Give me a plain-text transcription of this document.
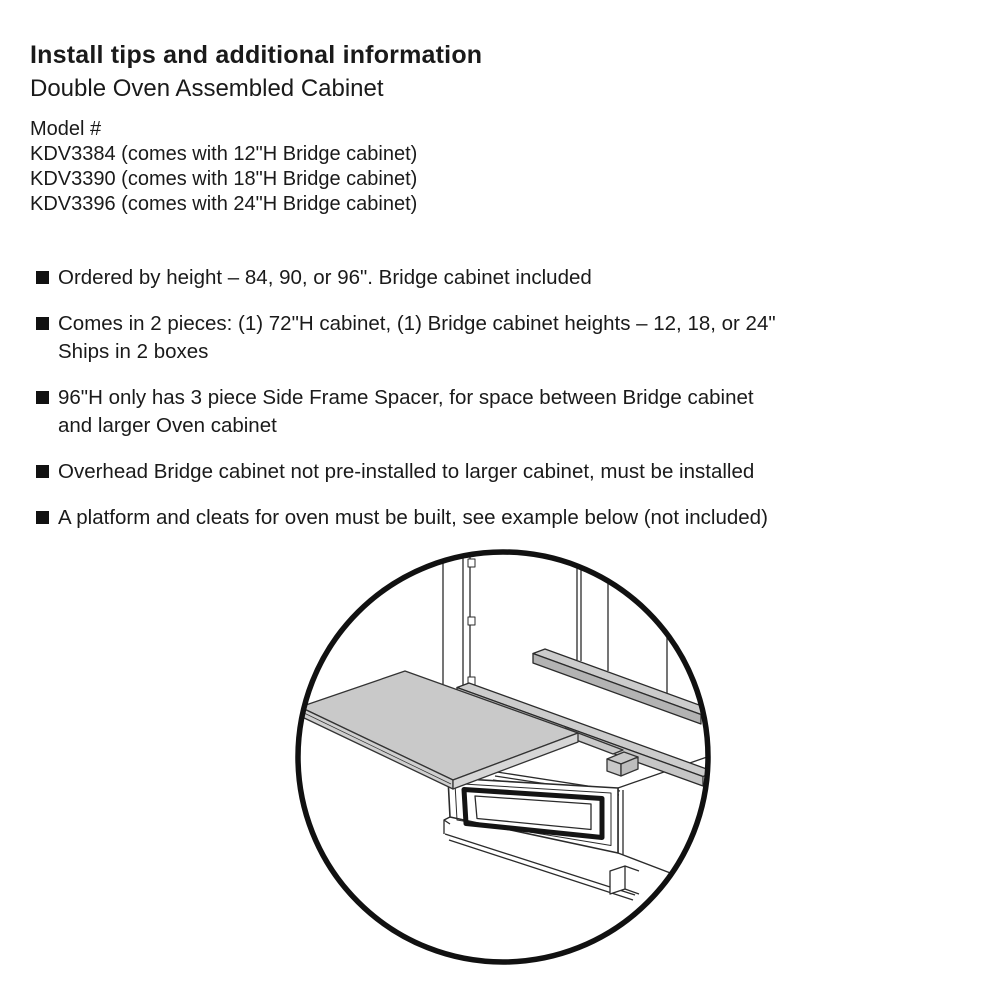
Install tips and additional information
Double Oven Assembled Cabinet
Model #
KDV3384 (comes with 12"H Bridge cabinet)
KDV3390 (comes with 18"H Bridge cabinet)
KDV3396 (comes with 24"H Bridge cabinet)
Ordered by height – 84, 90, or 96". Bridge cabinet included
Comes in 2 pieces: (1) 72"H cabinet, (1) Bridge cabinet heights – 12, 18, or 24"
Ships in 2 boxes
96"H only has 3 piece Side Frame Spacer, for space between Bridge cabinet
and larger Oven cabinet
Overhead Bridge cabinet not pre-installed to larger cabinet, must be installed
A platform and cleats for oven must be built, see example below (not included)
